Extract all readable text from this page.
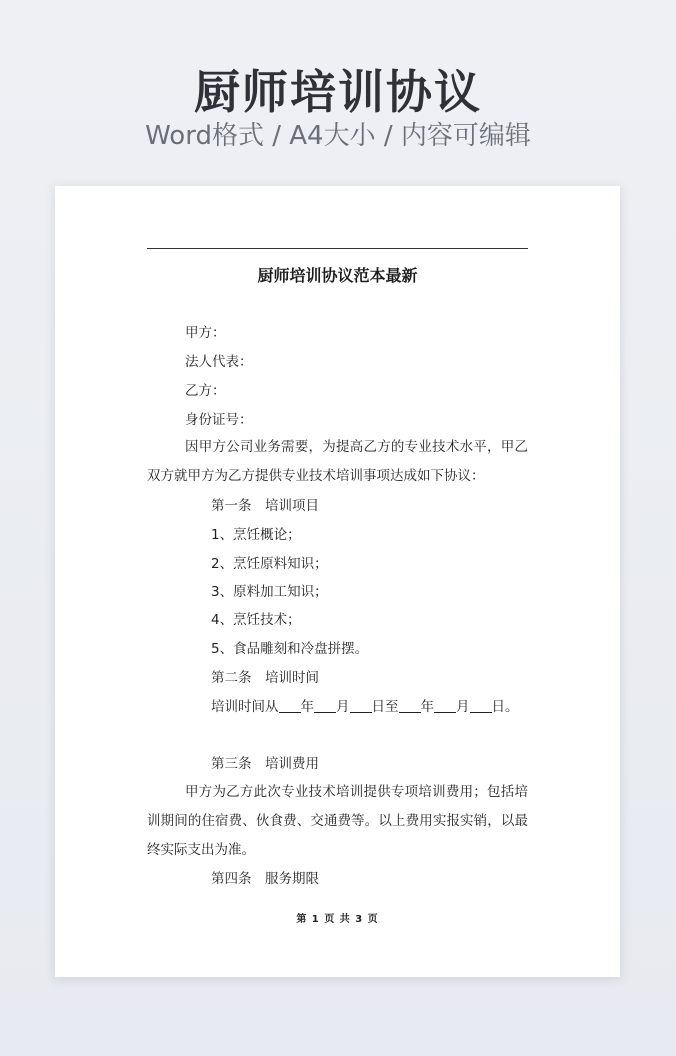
厨师培训协议
Word格式 / A4大小 / 内容可编辑
厨师培训协议范本最新
甲方：
法人代表：
乙方：
身份证号：
因甲方公司业务需要，为提高乙方的专业技术水平，甲乙双方就甲方为乙方提供专业技术培训事项达成如下协议：
第一条　培训项目
1、烹饪概论；
2、烹饪原料知识；
3、原料加工知识；
4、烹饪技术；
5、食品雕刻和冷盘拼摆。
第二条　培训时间
培训时间从 年 月 日至 年 月 日。
第三条　培训费用
甲方为乙方此次专业技术培训提供专项培训费用；包括培训期间的住宿费、伙食费、交通费等。以上费用实报实销，以最终实际支出为准。
第四条　服务期限
第 1 页 共 3 页
